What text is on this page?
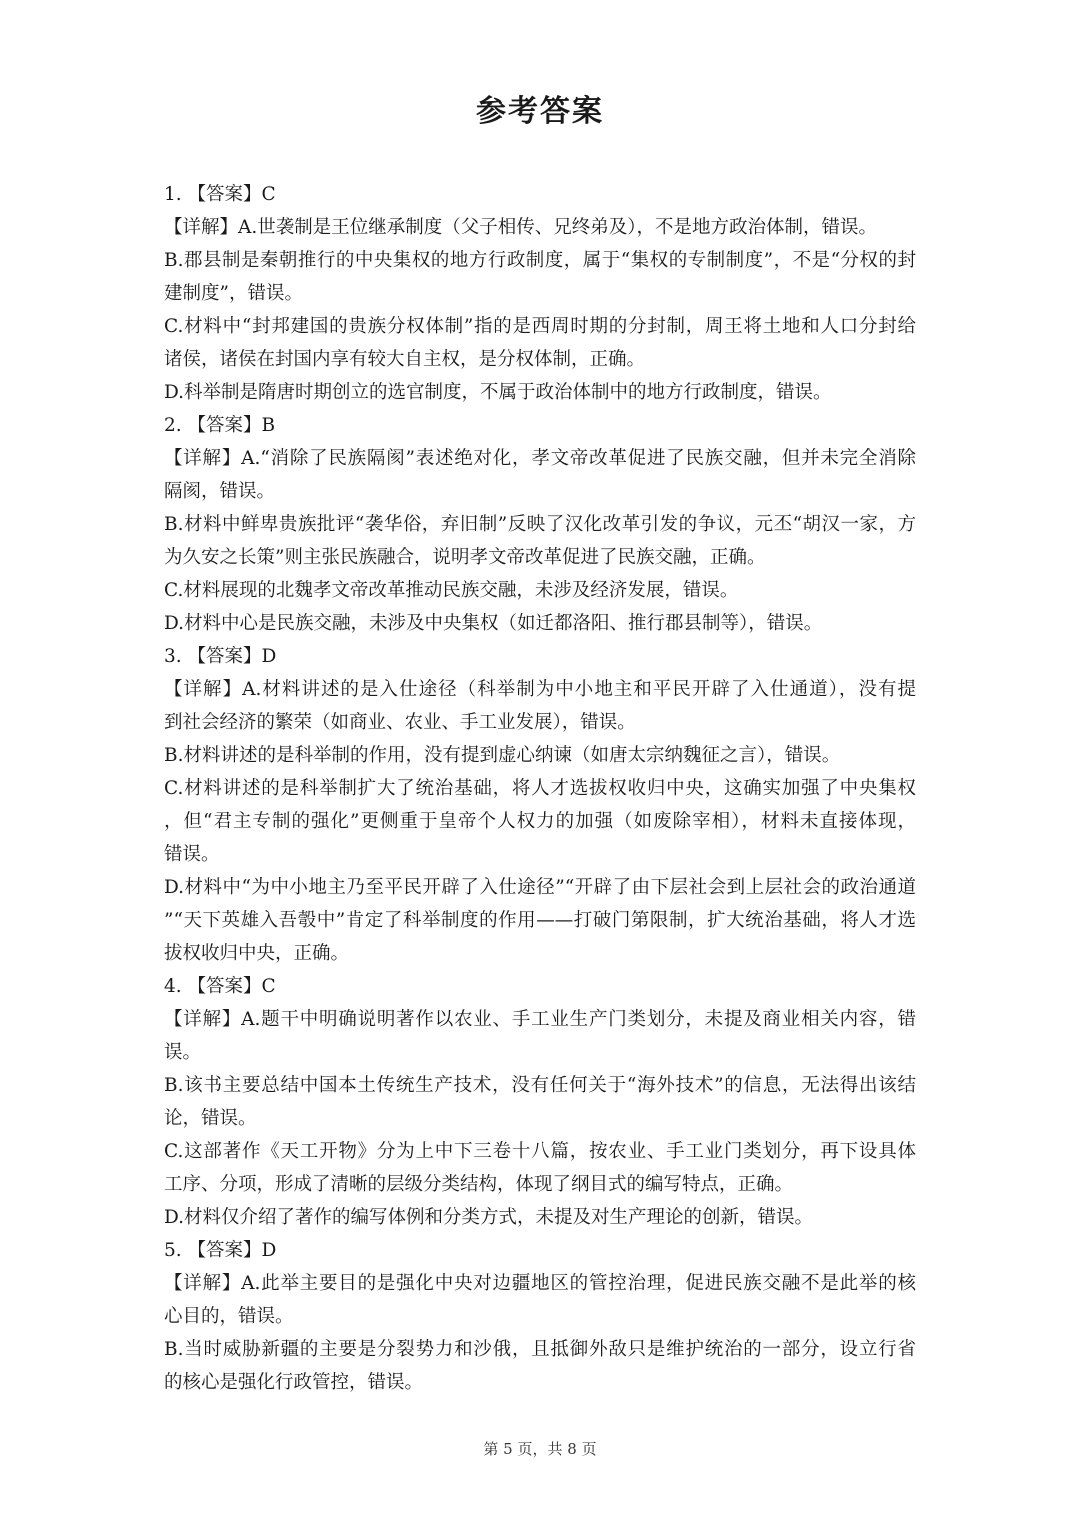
参考答案
1. 【答案】C
【详解】A.世袭制是王位继承制度（父子相传、兄终弟及），不是地方政治体制，错误。
B.郡县制是秦朝推行的中央集权的地方行政制度，属于“集权的专制制度”，不是“分权的封
建制度”，错误。
C.材料中“封邦建国的贵族分权体制”指的是西周时期的分封制，周王将土地和人口分封给
诸侯，诸侯在封国内享有较大自主权，是分权体制，正确。
D.科举制是隋唐时期创立的选官制度，不属于政治体制中的地方行政制度，错误。
2. 【答案】B
【详解】A.“消除了民族隔阂”表述绝对化，孝文帝改革促进了民族交融，但并未完全消除
隔阂，错误。
B.材料中鲜卑贵族批评“袭华俗，弃旧制”反映了汉化改革引发的争议，元丕“胡汉一家，方
为久安之长策”则主张民族融合，说明孝文帝改革促进了民族交融，正确。
C.材料展现的北魏孝文帝改革推动民族交融，未涉及经济发展，错误。
D.材料中心是民族交融，未涉及中央集权（如迁都洛阳、推行郡县制等），错误。
3. 【答案】D
【详解】A.材料讲述的是入仕途径（科举制为中小地主和平民开辟了入仕通道），没有提
到社会经济的繁荣（如商业、农业、手工业发展），错误。
B.材料讲述的是科举制的作用，没有提到虚心纳谏（如唐太宗纳魏征之言），错误。
C.材料讲述的是科举制扩大了统治基础，将人才选拔权收归中央，这确实加强了中央集权
，但“君主专制的强化”更侧重于皇帝个人权力的加强（如废除宰相），材料未直接体现，
错误。
D.材料中“为中小地主乃至平民开辟了入仕途径”“开辟了由下层社会到上层社会的政治通道
”“天下英雄入吾彀中”肯定了科举制度的作用——打破门第限制，扩大统治基础，将人才选
拔权收归中央，正确。
4. 【答案】C
【详解】A.题干中明确说明著作以农业、手工业生产门类划分，未提及商业相关内容，错
误。
B.该书主要总结中国本土传统生产技术，没有任何关于“海外技术”的信息，无法得出该结
论，错误。
C.这部著作《天工开物》分为上中下三卷十八篇，按农业、手工业门类划分，再下设具体
工序、分项，形成了清晰的层级分类结构，体现了纲目式的编写特点，正确。
D.材料仅介绍了著作的编写体例和分类方式，未提及对生产理论的创新，错误。
5. 【答案】D
【详解】A.此举主要目的是强化中央对边疆地区的管控治理，促进民族交融不是此举的核
心目的，错误。
B.当时威胁新疆的主要是分裂势力和沙俄，且抵御外敌只是维护统治的一部分，设立行省
的核心是强化行政管控，错误。
第 5 页，共 8 页
